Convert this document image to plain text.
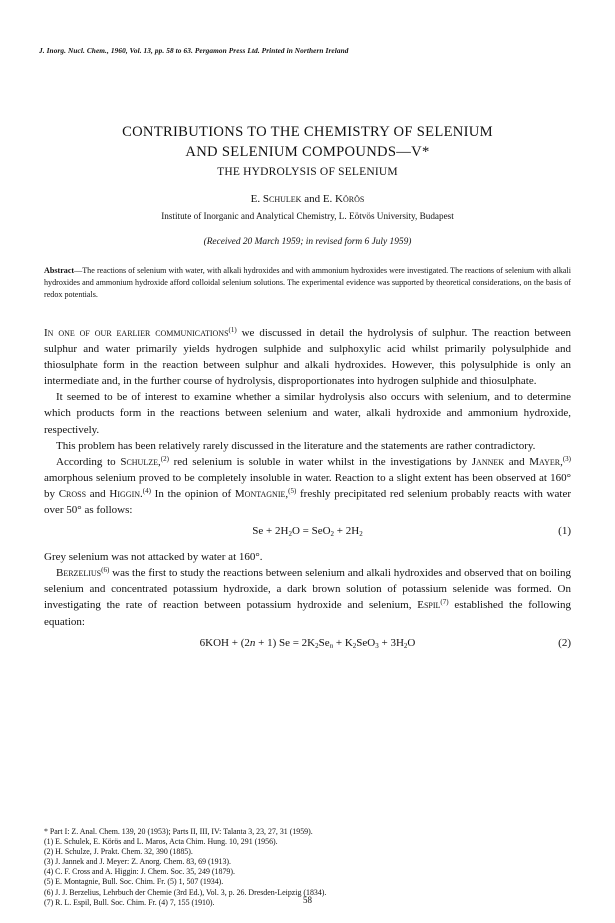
J. Inorg. Nucl. Chem., 1960, Vol. 13, pp. 58 to 63. Pergamon Press Ltd. Printed in Northern Ireland
CONTRIBUTIONS TO THE CHEMISTRY OF SELENIUM
AND SELENIUM COMPOUNDS—V*
THE HYDROLYSIS OF SELENIUM
E. Schulek and E. Körös
Institute of Inorganic and Analytical Chemistry, L. Eötvös University, Budapest
(Received 20 March 1959; in revised form 6 July 1959)
Abstract—The reactions of selenium with water, with alkali hydroxides and with ammonium hydroxides were investigated. The reactions of selenium with alkali hydroxides and ammonium hydroxide afford colloidal selenium solutions. The experimental evidence was supported by theoretical considerations, on the basis of redox potentials.

In one of our earlier communications$^{(1)}$ we discussed in detail the hydrolysis of sulphur. The reaction between sulphur and water primarily yields hydrogen sulphide and sulphoxylic acid whilst primarily polysulphide and thiosulphate form in the reaction between sulphur and alkali hydroxides. However, this polysulphide is only an intermediate and, in the further course of hydrolysis, disproportionates into hydrogen sulphide and thiosulphate.

It seemed to be of interest to examine whether a similar hydrolysis also occurs with selenium, and to determine which products form in the reactions between selenium and water, alkali hydroxide and ammonium hydroxide, respectively.

This problem has been relatively rarely discussed in the literature and the statements are rather contradictory.

According to Schulze,$^{(2)}$ red selenium is soluble in water whilst in the investigations by Jannek and Mayer,$^{(3)}$ amorphous selenium proved to be completely insoluble in water. Reaction to a slight extent has been observed at 160° by Cross and Higgin.$^{(4)}$ In the opinion of Montagnie,$^{(5)}$ freshly precipitated red selenium probably reacts with water over 50° as follows:

$Se + 2H_2O = SeO_2 + 2H_2$	(1)

Grey selenium was not attacked by water at 160°.

Berzelius$^{(6)}$ was the first to study the reactions between selenium and alkali hydroxides and observed that on boiling selenium and concentrated potassium hydroxide, a dark brown solution of potassium selenide was formed. On investigating the rate of reaction between potassium hydroxide and selenium, Espil$^{(7)}$ established the following equation:

6KOH + (2n + 1) $Se = 2K_2Se_n + K_2SeO_3 + 3H_2O$	(2)
* Part I: Z. Anal. Chem. 139, 20 (1953); Parts II, III, IV: Talanta 3, 23, 27, 31 (1959).
(1) E. Schulek, E. Körös and L. Maros, Acta Chim. Hung. 10, 291 (1956).
(2) H. Schulze, J. Prakt. Chem. 32, 390 (1885).
(3) J. Jannek and J. Meyer: Z. Anorg. Chem. 83, 69 (1913).
(4) C. F. Cross and A. Higgin: J. Chem. Soc. 35, 249 (1879).
(5) E. Montagnie, Bull. Soc. Chim. Fr. (5) 1, 507 (1934).
(6) J. J. Berzelius, Lehrbuch der Chemie (3rd Ed.), Vol. 3, p. 26. Dresden-Leipzig (1834).
(7) R. L. Espil, Bull. Soc. Chim. Fr. (4) 7, 155 (1910).	58
